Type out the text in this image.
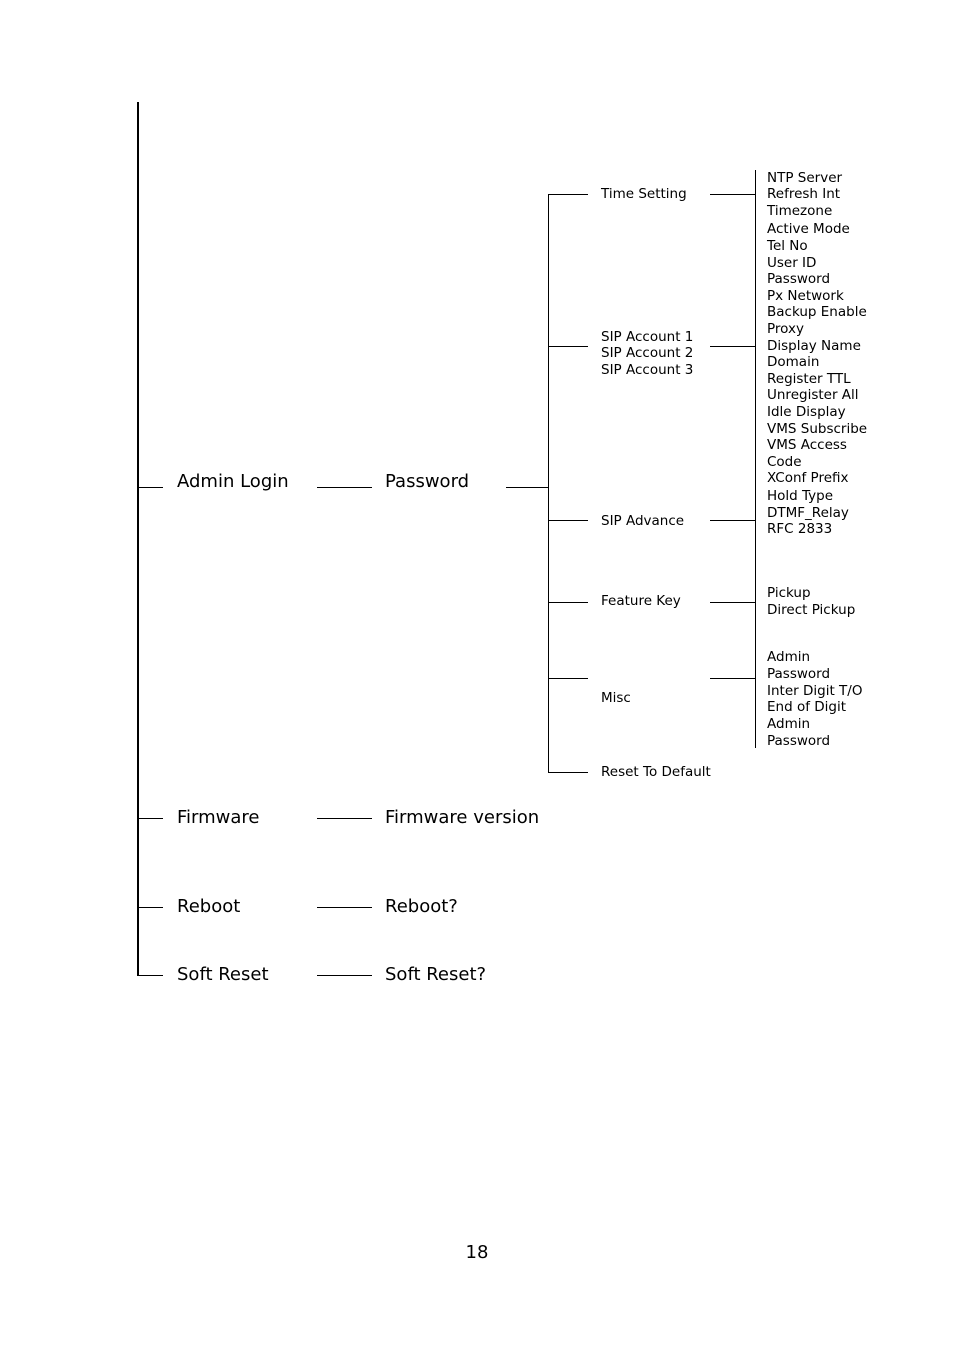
Admin Login	Password
Time Setting
SIP Account 1
SIP Account 2
SIP Account 3
SIP Advance
Feature Key
Misc
Reset To Default
NTP Server
Refresh Int
Timezone
Active Mode
Tel No
User ID
Password
Px Network
Backup Enable
Proxy
Display Name
Domain
Register TTL
Unregister All
Idle Display
VMS Subscribe
VMS Access Code
XConf Prefix
Hold Type
DTMF_Relay
RFC 2833
Pickup
Direct Pickup
Admin Password
Inter Digit T/O
End of Digit
Admin Password
Firmware	Firmware version
Reboot	Reboot?
Soft Reset	Soft Reset?
18
